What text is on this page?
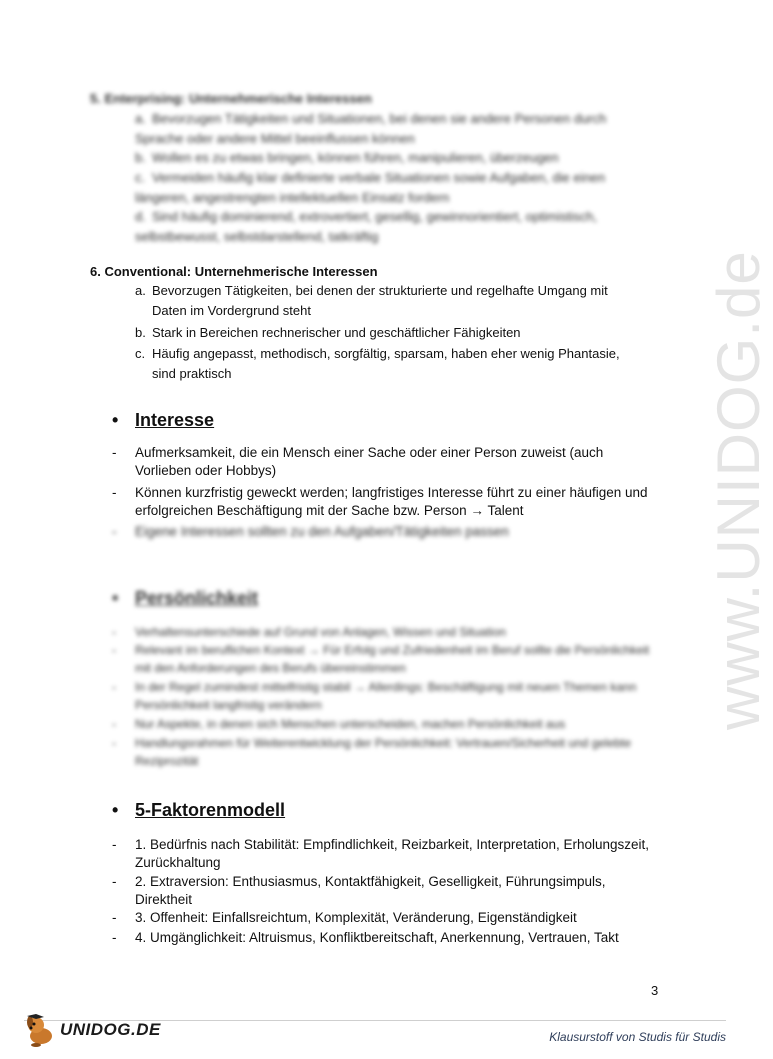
www.UNIDOG.de
5. Enterprising: Unternehmerische Interessen
a. Bevorzugen Tätigkeiten und Situationen, bei denen sie andere Personen durch
Sprache oder andere Mittel beeinflussen können
b. Wollen es zu etwas bringen, können führen, manipulieren, überzeugen
c. Vermeiden häufig klar definierte verbale Situationen sowie Aufgaben, die einen
längeren, angestrengten intellektuellen Einsatz fordern
d. Sind häufig dominierend, extrovertiert, gesellig, gewinnorientiert, optimistisch,
selbstbewusst, selbstdarstellend, tatkräftig
6. Conventional: Unternehmerische Interessen
a. Bevorzugen Tätigkeiten, bei denen der strukturierte und regelhafte Umgang mit
Daten im Vordergrund steht
b. Stark in Bereichen rechnerischer und geschäftlicher Fähigkeiten
c. Häufig angepasst, methodisch, sorgfältig, sparsam, haben eher wenig Phantasie,
sind praktisch
• Interesse
- Aufmerksamkeit, die ein Mensch einer Sache oder einer Person zuweist (auch Vorlieben oder Hobbys)
- Können kurzfristig geweckt werden; langfristiges Interesse führt zu einer häufigen und erfolgreichen Beschäftigung mit der Sache bzw. Person → Talent
- Eigene Interessen sollten zu den Aufgaben/Tätigkeiten passen
• Persönlichkeit
- Verhaltensunterschiede auf Grund von Anlagen, Wissen und Situation
- Relevant im beruflichen Kontext → Für Erfolg und Zufriedenheit im Beruf sollte die Persönlichkeit mit den Anforderungen des Berufs übereinstimmen
- In der Regel zumindest mittelfristig stabil → Allerdings: Beschäftigung mit neuen Themen kann Persönlichkeit langfristig verändern
- Nur Aspekte, in denen sich Menschen unterscheiden, machen Persönlichkeit aus
- Handlungsrahmen für Weiterentwicklung der Persönlichkeit: Vertrauen/Sicherheit und gelebte Reziprozität
• 5-Faktorenmodell
- 1. Bedürfnis nach Stabilität: Empfindlichkeit, Reizbarkeit, Interpretation, Erholungszeit, Zurückhaltung
- 2. Extraversion: Enthusiasmus, Kontaktfähigkeit, Geselligkeit, Führungsimpuls, Direktheit
- 3. Offenheit: Einfallsreichtum, Komplexität, Veränderung, Eigenständigkeit
- 4. Umgänglichkeit: Altruismus, Konfliktbereitschaft, Anerkennung, Vertrauen, Takt
3
UNIDOG.DE	Klausurstoff von Studis für Studis
